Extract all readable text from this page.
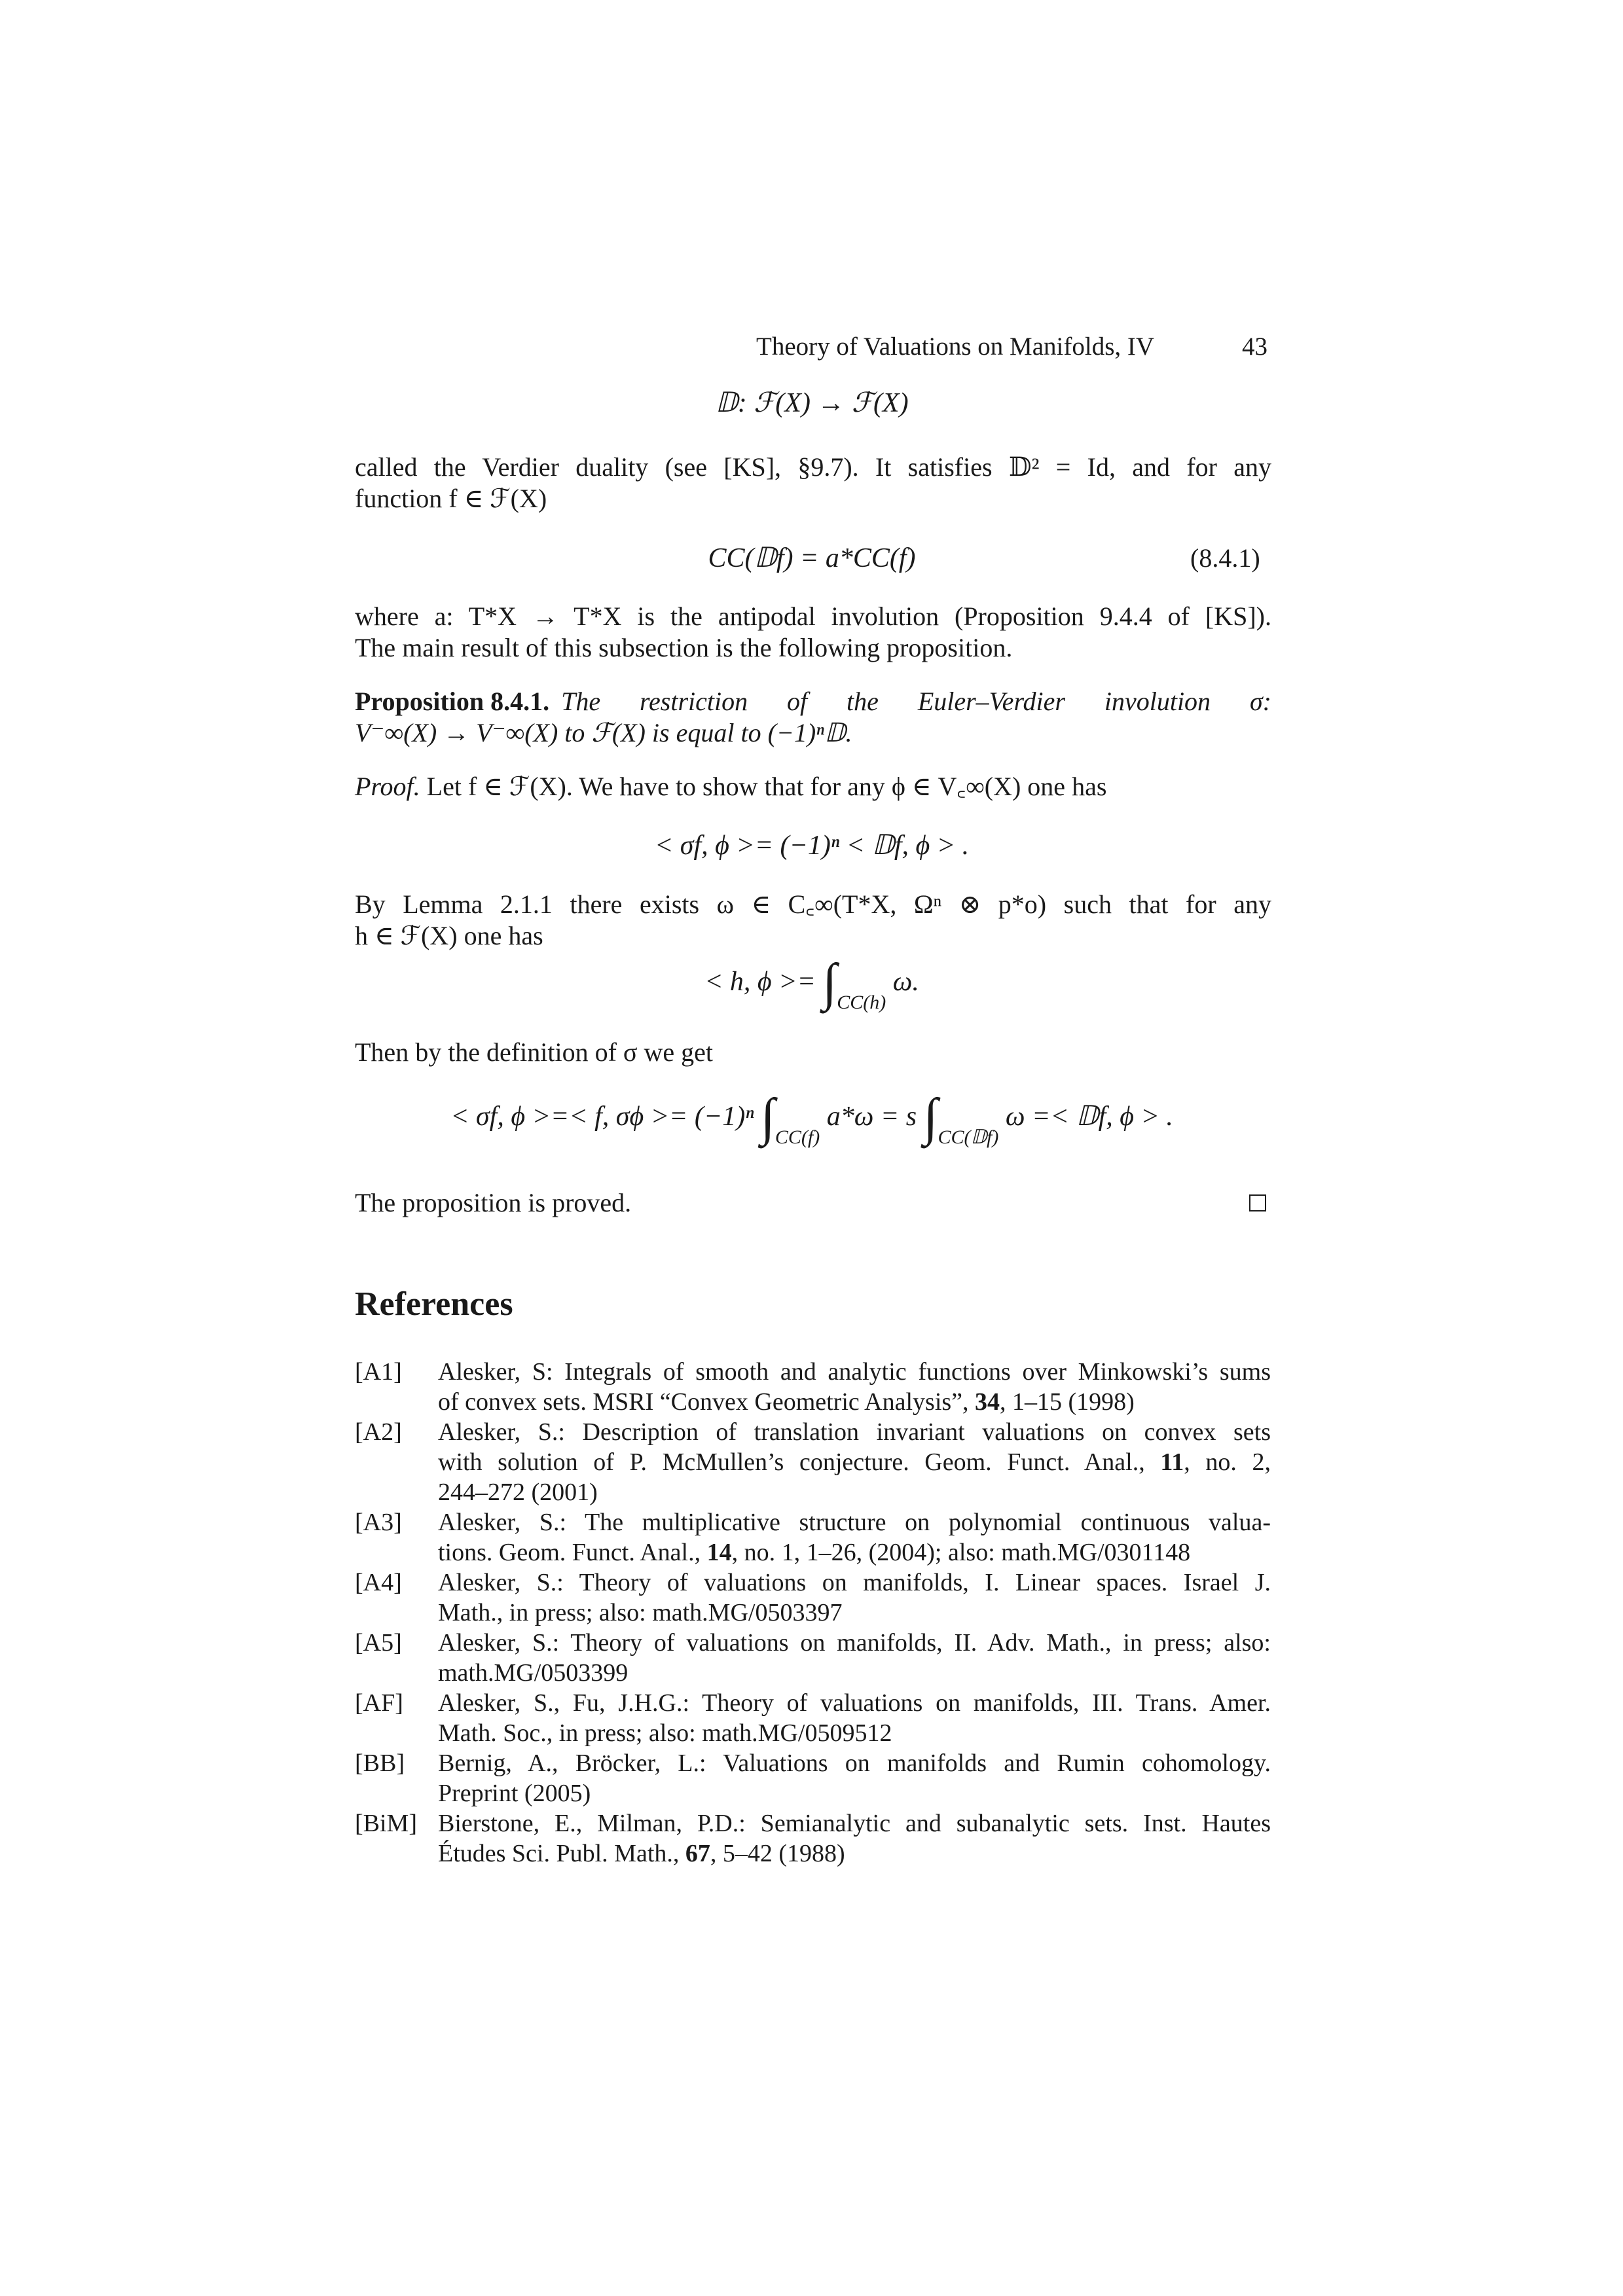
Theory of Valuations on Manifolds, IV	43
𝔻: ℱ(X) → ℱ(X)
called the Verdier duality (see [KS], §9.7). It satisfies 𝔻² = Id, and for any
function f ∈ ℱ(X)
CC(𝔻f) = a*CC(f)	(8.4.1)
where a: T*X → T*X is the antipodal involution (Proposition 9.4.4 of [KS]).
The main result of this subsection is the following proposition.
Proposition 8.4.1. The restriction of the Euler–Verdier involution σ:
V⁻∞(X) → V⁻∞(X) to ℱ(X) is equal to (−1)ⁿ𝔻.
Proof. Let f ∈ ℱ(X). We have to show that for any ϕ ∈ V꜀∞(X) one has
< σf, ϕ >= (−1)ⁿ < 𝔻f, ϕ > .
By Lemma 2.1.1 there exists ω ∈ C꜀∞(T*X, Ωⁿ ⊗ p*o) such that for any
h ∈ ℱ(X) one has
< h, $\phi >= \int_{CC(h)}$ ω.
Then by the definition of σ we get
< σf, ϕ >=< f, σϕ >= (−1)ⁿ $\int_{CC(f)}$ a*ω = s $\int_{CC(𝔻f)}$ ω =< 𝔻f, ϕ > .
The proposition is proved.
References
[A1] Alesker, S: Integrals of smooth and analytic functions over Minkowski’s sums
of convex sets. MSRI “Convex Geometric Analysis”, 34, 1–15 (1998)
[A2] Alesker, S.: Description of translation invariant valuations on convex sets
with solution of P. McMullen’s conjecture. Geom. Funct. Anal., 11, no. 2,
244–272 (2001)
[A3] Alesker, S.: The multiplicative structure on polynomial continuous valua-
tions. Geom. Funct. Anal., 14, no. 1, 1–26, (2004); also: math.MG/0301148
[A4] Alesker, S.: Theory of valuations on manifolds, I. Linear spaces. Israel J.
Math., in press; also: math.MG/0503397
[A5] Alesker, S.: Theory of valuations on manifolds, II. Adv. Math., in press; also:
math.MG/0503399
[AF] Alesker, S., Fu, J.H.G.: Theory of valuations on manifolds, III. Trans. Amer.
Math. Soc., in press; also: math.MG/0509512
[BB] Bernig, A., Bröcker, L.: Valuations on manifolds and Rumin cohomology.
Preprint (2005)
[BiM] Bierstone, E., Milman, P.D.: Semianalytic and subanalytic sets. Inst. Hautes
Études Sci. Publ. Math., 67, 5–42 (1988)
